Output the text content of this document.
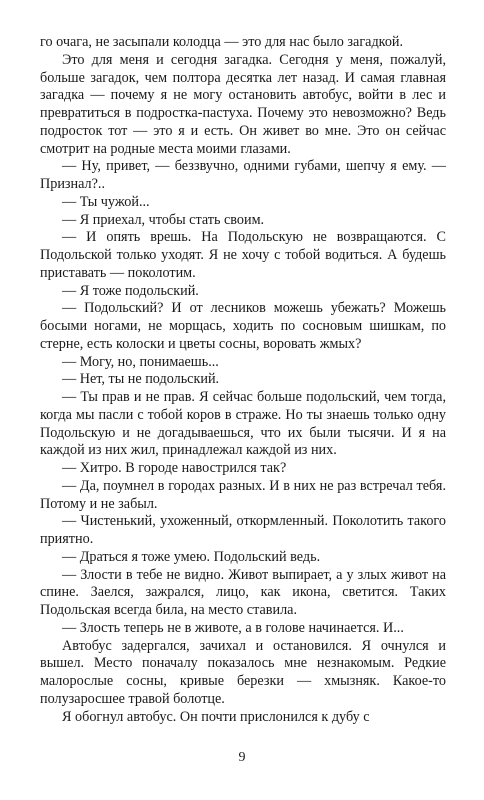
го очага, не засыпали колодца — это для нас было загадкой.

Это для меня и сегодня загадка. Сегодня у меня, пожалуй, больше загадок, чем полтора десятка лет назад. И самая главная загадка — почему я не могу остановить автобус, войти в лес и превратиться в подростка-пастуха. Почему это невозможно? Ведь подросток тот — это я и есть. Он живет во мне. Это он сейчас смотрит на родные места моими глазами.

— Ну, привет, — беззвучно, одними губами, шепчу я ему. — Признал?..

— Ты чужой...

— Я приехал, чтобы стать своим.

— И опять врешь. На Подольскую не возвращаются. С Подольской только уходят. Я не хочу с тобой водиться. А будешь приставать — поколотим.

— Я тоже подольский.

— Подольский? И от лесников можешь убежать? Можешь босыми ногами, не морщась, ходить по сосновым шишкам, по стерне, есть колоски и цветы сосны, воровать жмых?

— Могу, но, понимаешь...

— Нет, ты не подольский.

— Ты прав и не прав. Я сейчас больше подольский, чем тогда, когда мы пасли с тобой коров в стражe. Но ты знаешь только одну Подольскую и не догадываешься, что их были тысячи. И я на каждой из них жил, принадлежал каждой из них.

— Хитро. В городе навострился так?

— Да, поумнел в городах разных. И в них не раз встречал тебя. Потому и не забыл.

— Чистенький, ухоженный, откормленный. Поколотить такого приятно.

— Драться я тоже умею. Подольский ведь.

— Злости в тебе не видно. Живот выпирает, а у злых живот на спине. Заелся, зажрался, лицо, как икона, светится. Таких Подольская всегда била, на место ставила.

— Злость теперь не в животе, а в голове начинается. И...

Автобус задергался, зачихал и остановился. Я очнулся и вышел. Место поначалу показалось мне незнакомым. Редкие малорослые сосны, кривые березки — хмызняк. Какое-то полузаросшее травой болотце.

Я обогнул автобус. Он почти прислонился к дубу с

9
